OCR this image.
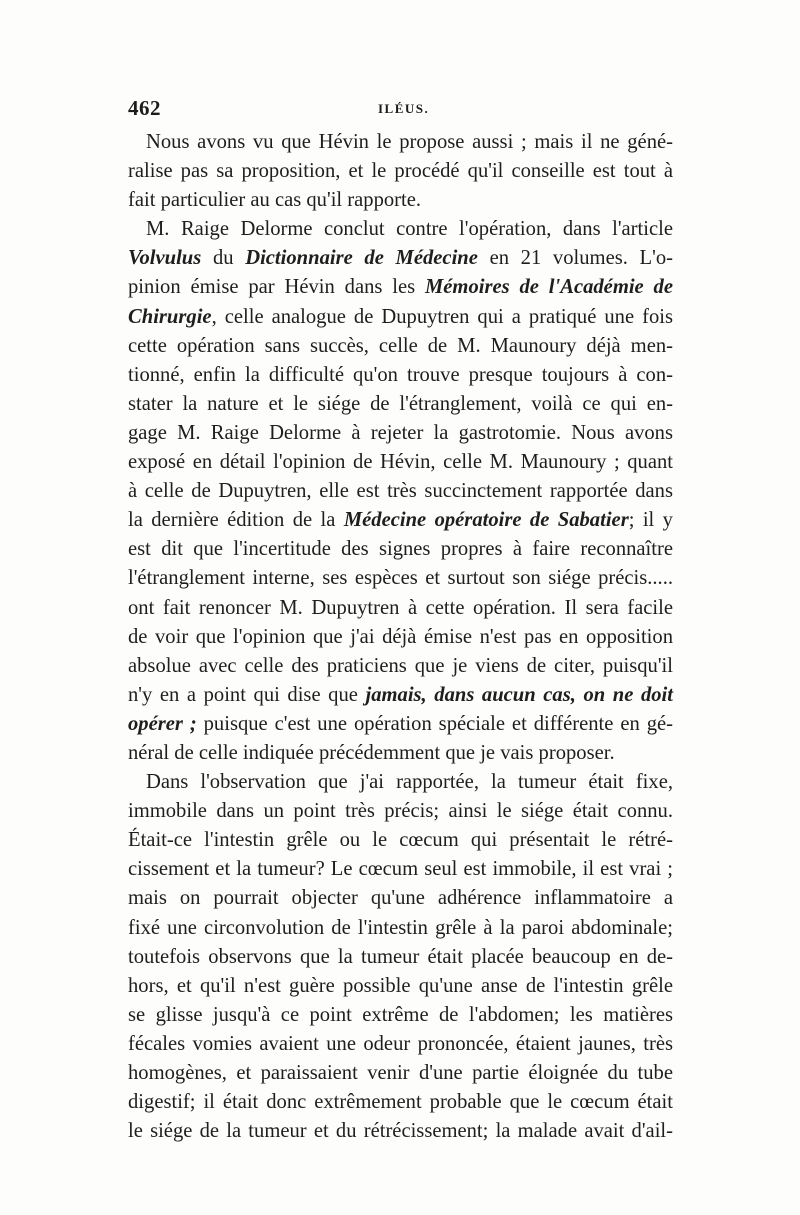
462	ILÉUS.
Nous avons vu que Hévin le propose aussi ; mais il ne géné-
ralise pas sa proposition, et le procédé qu'il conseille est tout à
fait particulier au cas qu'il rapporte.
M. Raige Delorme conclut contre l'opération, dans l'article
Volvulus du Dictionnaire de Médecine en 21 volumes. L'o-
pinion émise par Hévin dans les Mémoires de l'Académie de
Chirurgie, celle analogue de Dupuytren qui a pratiqué une fois
cette opération sans succès, celle de M. Maunoury déjà men-
tionné, enfin la difficulté qu'on trouve presque toujours à con-
stater la nature et le siége de l'étranglement, voilà ce qui en-
gage M. Raige Delorme à rejeter la gastrotomie. Nous avons
exposé en détail l'opinion de Hévin, celle M. Maunoury ; quant
à celle de Dupuytren, elle est très succinctement rapportée dans
la dernière édition de la Médecine opératoire de Sabatier; il y
est dit que l'incertitude des signes propres à faire reconnaître
l'étranglement interne, ses espèces et surtout son siége précis.....
ont fait renoncer M. Dupuytren à cette opération. Il sera facile
de voir que l'opinion que j'ai déjà émise n'est pas en opposition
absolue avec celle des praticiens que je viens de citer, puisqu'il
n'y en a point qui dise que jamais, dans aucun cas, on ne doit
opérer ; puisque c'est une opération spéciale et différente en gé-
néral de celle indiquée précédemment que je vais proposer.
Dans l'observation que j'ai rapportée, la tumeur était fixe,
immobile dans un point très précis; ainsi le siége était connu.
Était-ce l'intestin grêle ou le cœcum qui présentait le rétré-
cissement et la tumeur? Le cœcum seul est immobile, il est vrai ;
mais on pourrait objecter qu'une adhérence inflammatoire a
fixé une circonvolution de l'intestin grêle à la paroi abdominale;
toutefois observons que la tumeur était placée beaucoup en de-
hors, et qu'il n'est guère possible qu'une anse de l'intestin grêle
se glisse jusqu'à ce point extrême de l'abdomen; les matières
fécales vomies avaient une odeur prononcée, étaient jaunes, très
homogènes, et paraissaient venir d'une partie éloignée du tube
digestif; il était donc extrêmement probable que le cœcum était
le siége de la tumeur et du rétrécissement; la malade avait d'ail-
